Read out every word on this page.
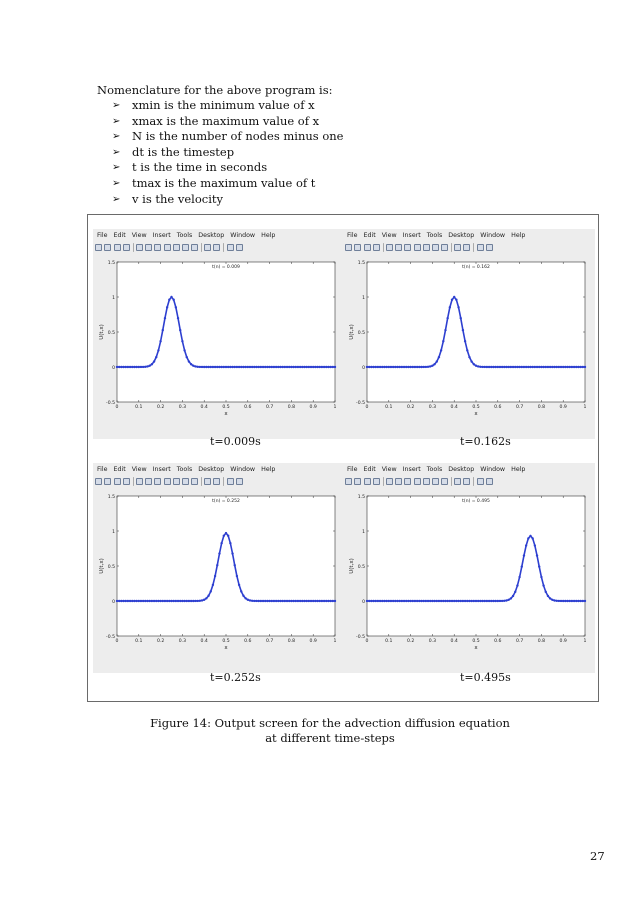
Nomenclature for the above program is:
➢	xmin is the minimum value of x
➢	xmax is the maximum value of x
➢	N is the number of nodes minus one
➢	dt is the timestep
➢	t is the time in seconds
➢	tmax is the maximum value of t
➢	v is the velocity
File Edit View Insert Tools Desktop Window Help
t(n) = 0.009
-0.5
0
0.5
1
1.5
0	0.1	0.2	0.3	0.4	0.5	0.6	0.7	0.8	0.9	1
x
U(t,x)
File Edit View Insert Tools Desktop Window Help
t(n) = 0.162
-0.5
0
0.5
1
1.5
0	0.1	0.2	0.3	0.4	0.5	0.6	0.7	0.8	0.9	1
x
U(t,x)
File Edit View Insert Tools Desktop Window Help
t(n) = 0.252
-0.5
0
0.5
1
1.5
0	0.1	0.2	0.3	0.4	0.5	0.6	0.7	0.8	0.9	1
x
U(t,x)
File Edit View Insert Tools Desktop Window Help
t(n) = 0.495
-0.5
0
0.5
1
1.5
0	0.1	0.2	0.3	0.4	0.5	0.6	0.7	0.8	0.9	1
x
U(t,x)
t=0.009s	t=0.162s
t=0.252s	t=0.495s
Figure 14: Output screen for the advection diffusion equation
at different time-steps
27
